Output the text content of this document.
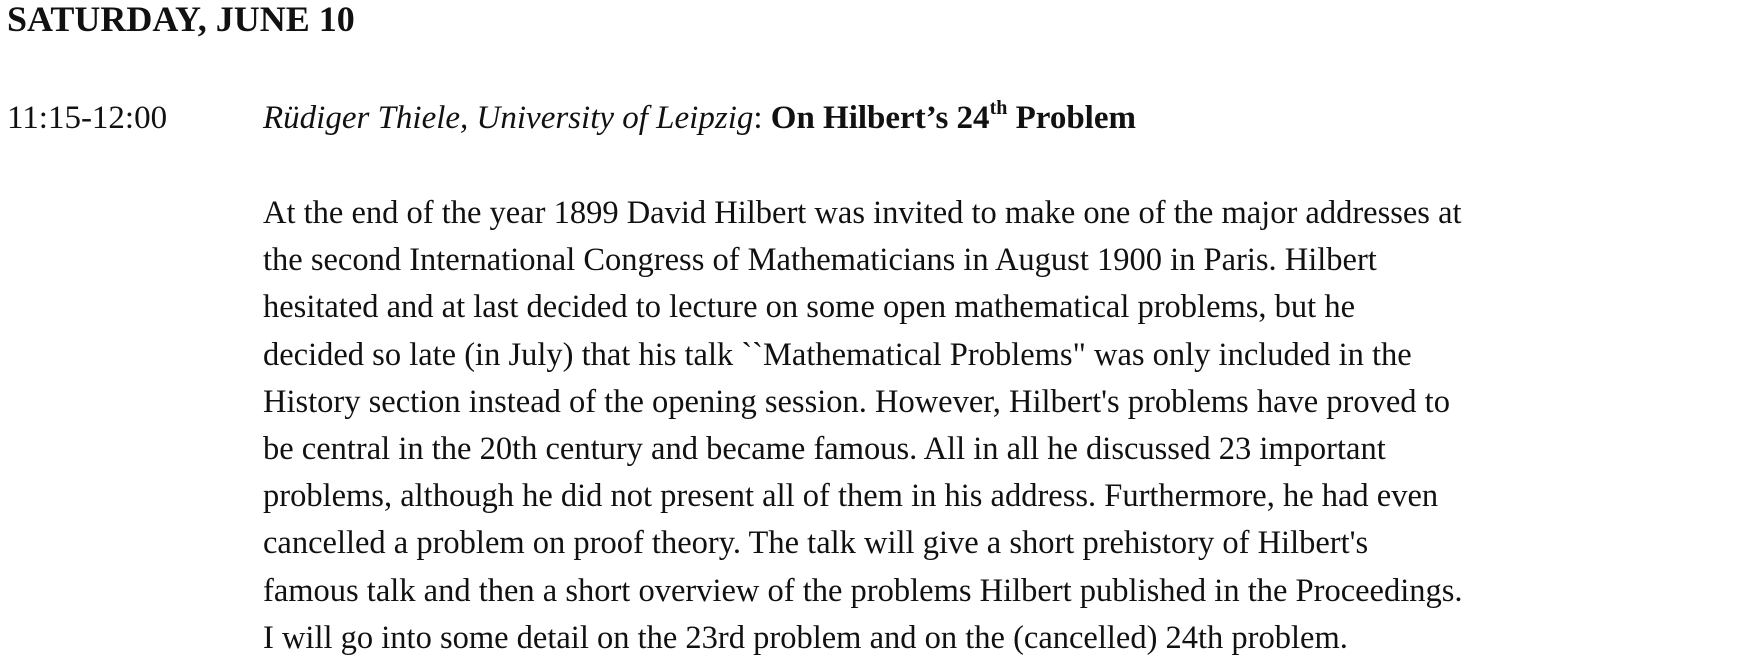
SATURDAY, JUNE 10
11:15-12:00	Rüdiger Thiele, University of Leipzig: On Hilbert’s 24th Problem

At the end of the year 1899 David Hilbert was invited to make one of the major addresses at
the second International Congress of Mathematicians in August 1900 in Paris. Hilbert
hesitated and at last decided to lecture on some open mathematical problems, but he
decided so late (in July) that his talk ``Mathematical Problems" was only included in the
History section instead of the opening session. However, Hilbert's problems have proved to
be central in the 20th century and became famous. All in all he discussed 23 important
problems, although he did not present all of them in his address. Furthermore, he had even
cancelled a problem on proof theory. The talk will give a short prehistory of Hilbert's
famous talk and then a short overview of the problems Hilbert published in the Proceedings.
I will go into some detail on the 23rd problem and on the (cancelled) 24th problem.
